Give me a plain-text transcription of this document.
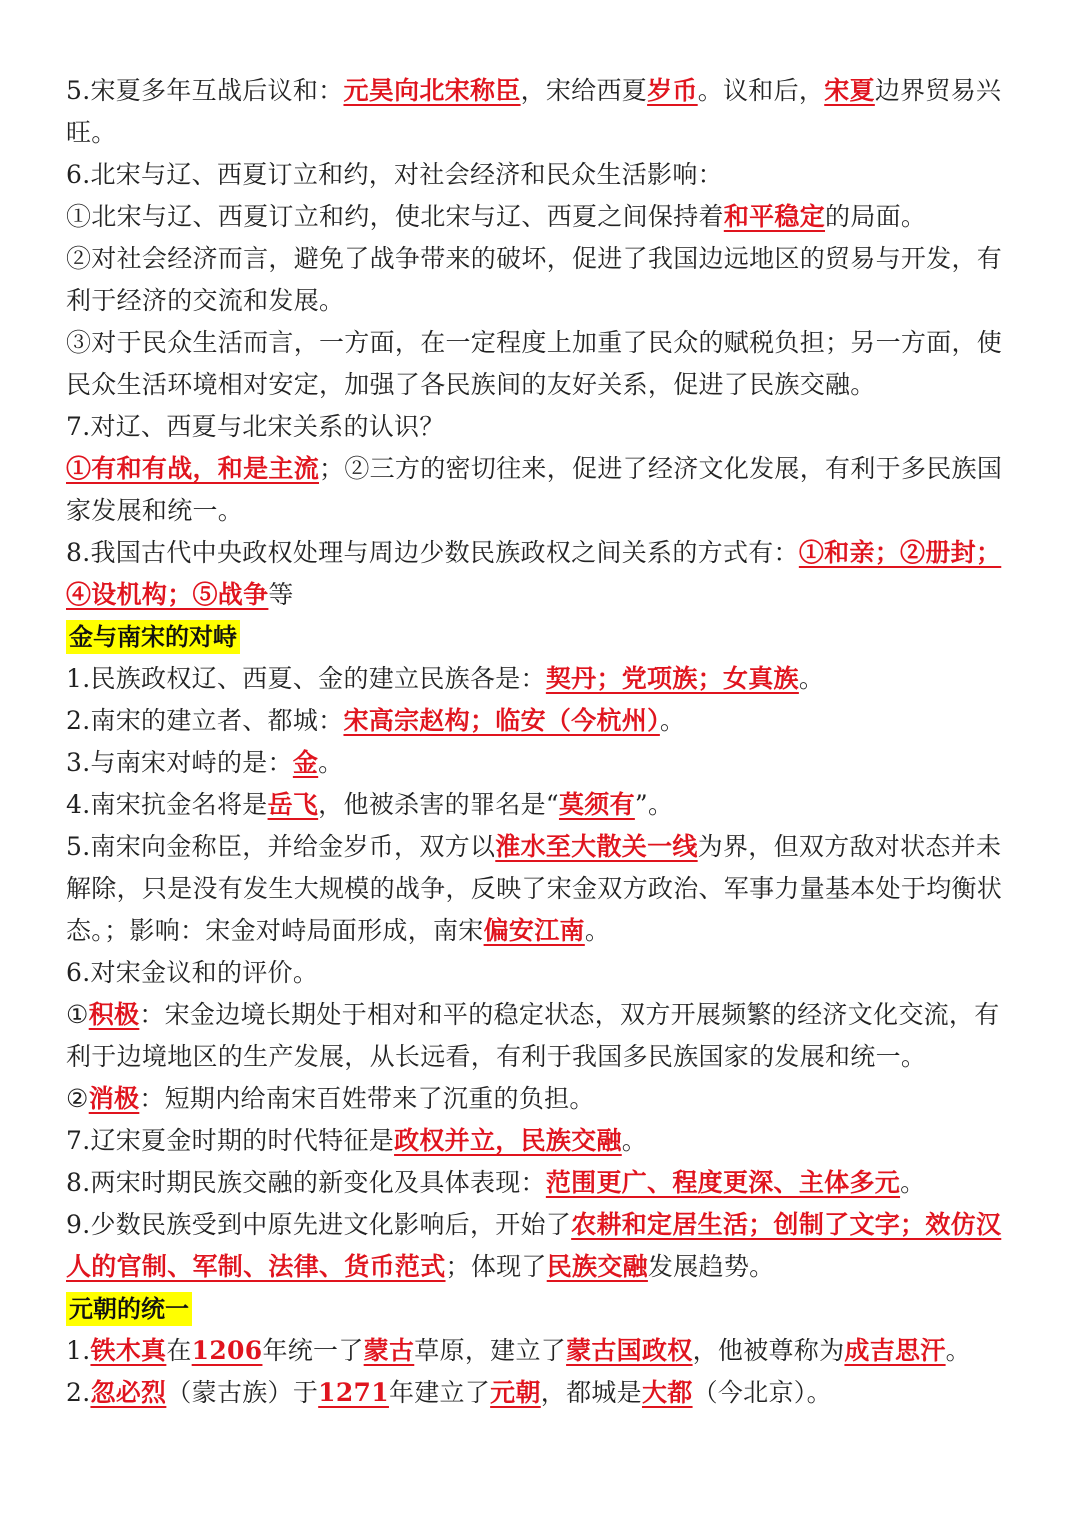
5.宋夏多年互战后议和：元昊向北宋称臣，宋给西夏岁币。议和后，宋夏边界贸易兴
旺。
6.北宋与辽、西夏订立和约，对社会经济和民众生活影响：
①北宋与辽、西夏订立和约，使北宋与辽、西夏之间保持着和平稳定的局面。
②对社会经济而言，避免了战争带来的破坏，促进了我国边远地区的贸易与开发，有
利于经济的交流和发展。
③对于民众生活而言，一方面，在一定程度上加重了民众的赋税负担；另一方面，使
民众生活环境相对安定，加强了各民族间的友好关系，促进了民族交融。
7.对辽、西夏与北宋关系的认识？
①有和有战，和是主流；②三方的密切往来，促进了经济文化发展，有利于多民族国
家发展和统一。
8.我国古代中央政权处理与周边少数民族政权之间关系的方式有：①和亲；②册封；
④设机构；⑤战争等
金与南宋的对峙
1.民族政权辽、西夏、金的建立民族各是：契丹；党项族；女真族。
2.南宋的建立者、都城：宋高宗赵构；临安（今杭州）。
3.与南宋对峙的是：金。
4.南宋抗金名将是岳飞，他被杀害的罪名是“莫须有”。
5.南宋向金称臣，并给金岁币，双方以淮水至大散关一线为界，但双方敌对状态并未
解除，只是没有发生大规模的战争，反映了宋金双方政治、军事力量基本处于均衡状
态。；影响：宋金对峙局面形成，南宋偏安江南。
6.对宋金议和的评价。
①积极：宋金边境长期处于相对和平的稳定状态，双方开展频繁的经济文化交流，有
利于边境地区的生产发展，从长远看，有利于我国多民族国家的发展和统一。
②消极：短期内给南宋百姓带来了沉重的负担。
7.辽宋夏金时期的时代特征是政权并立，民族交融。
8.两宋时期民族交融的新变化及具体表现：范围更广、程度更深、主体多元。
9.少数民族受到中原先进文化影响后，开始了农耕和定居生活；创制了文字；效仿汉
人的官制、军制、法律、货币范式；体现了民族交融发展趋势。
元朝的统一
1.铁木真在1206年统一了蒙古草原，建立了蒙古国政权，他被尊称为成吉思汗。
2.忽必烈（蒙古族）于1271年建立了元朝，都城是大都（今北京）。
